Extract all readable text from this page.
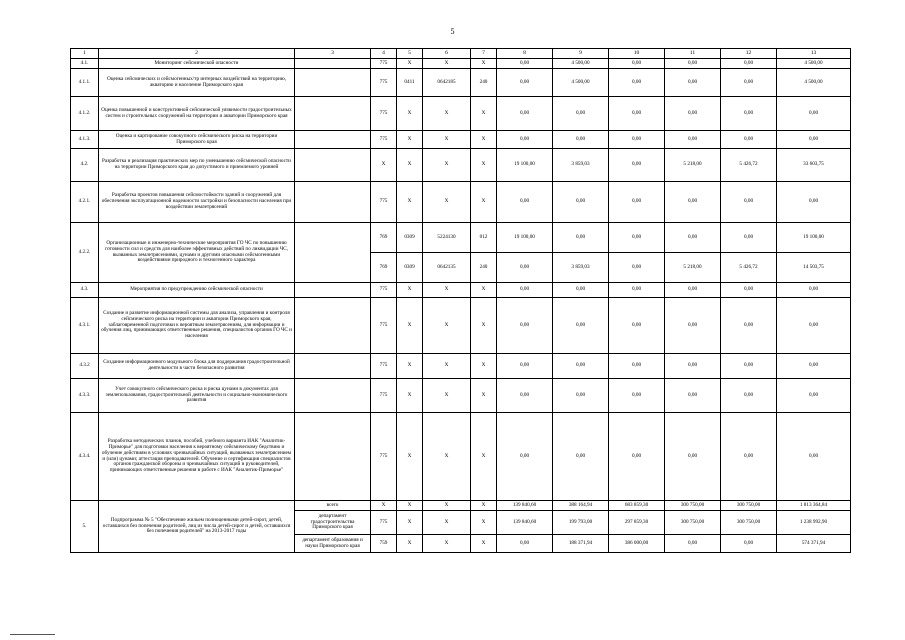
5
1	2	3	4	5	6	7	8	9	10	11	12	13
4.1.	Мониторинг сейсмической опасности		775	X	X	X	0,00	4 500,00	0,00	0,00	0,00	4 500,00
4.1.1.	Оценка сейсмических и сейсмогенных/тр интерных воздействий на территорию, акваторию и население Приморского края		775	0411	0642185	240	0,00	4 500,00	0,00	0,00	0,00	4 500,00
4.1.2.	Оценка повышенной и конструктивной сейсмической уязвимости градостроительных систем и строительных сооружений на территории и акватории Приморского края		775	X	X	X	0,00	0,00	0,00	0,00	0,00	0,00
4.1.3.	Оценка и картирование совокупного сейсмического риска на территории Приморского края		775	X	X	X	0,00	0,00	0,00	0,00	0,00	0,00
4.2.	Разработка и реализация практических мер по уменьшению сейсмической опасности на территории Приморского края до допустимого и приемлемого уровней		X	X	X	X	19 100,00	3 859,03	0,00	5 218,00	5 426,72	33 603,75
4.2.1.	Разработка проектов повышения сейсмостойкости зданий и сооружений для обеспечения эксплуатационной надежности застройки и безопасности населения при воздействии землетрясений		775	X	X	X	0,00	0,00	0,00	0,00	0,00	0,00
4.2.2.	Организационные и инженерно-технические мероприятия ГО ЧС по повышению готовности сил и средств для наиболее эффективных действий по ликвидации ЧС, вызванных землетрясениями, цунами и другими опасными сейсмогенными воздействиями природного и техногенного характера		769	0309	5224130	012	19 100,00	0,00	0,00	0,00	0,00	19 100,00
			769	0309	0642135	240	0,00	3 859,03	0,00	5 218,00	5 426,72	14 503,75
4.3.	Мероприятия по предупреждению сейсмической опасности		775	X	X	X	0,00	0,00	0,00	0,00	0,00	0,00
4.3.1.	Создание и развитие информационной системы для анализа, управления и контроля сейсмического риска на территории и акватории Приморского края, заблаговременной подготовки к вероятным землетрясениям, для информации и обучения лиц, принимающих ответственные решения, специалистов органов ГО ЧС и населения		775	X	X	X	0,00	0,00	0,00	0,00	0,00	0,00
4.3.2	Создание информационного модульного блока для поддержания градостроительной деятельности в части безопасного развития		775	X	X	X	0,00	0,00	0,00	0,00	0,00	0,00
4.3.3.	Учет совокупного сейсмического риска и риска цунами в документах для землепользования, градостроительной деятельности и социально-экономического развития		775	X	X	X	0,00	0,00	0,00	0,00	0,00	0,00
4.3.4.	Разработка методических планов, пособий, учебного варианта ИАК "Аналитик-Приморье" для подготовки населения к вероятному сейсмическому бедствию и обучение действиям в условиях чрезвычайных ситуаций, вызванных землетрясением и (или) цунами; аттестация преподавателей. Обучение и сертификация специалистов органов гражданской обороны и чрезвычайных ситуаций и руководителей, принимающих ответственные решения в работе с ИАК "Аналитик-Приморье"		775	X	X	X	0,00	0,00	0,00	0,00	0,00	0,00
5.	Подпрограмма № 5 "Обеспечение жильем полноценными детей-сирот, детей, оставшихся без попечения родителей, лиц из числа детей-сирот и детей, оставшихся без попечения родителей" на 2013-2017 годы	всего	X	X	X	X	139 840,60	388 164,94	683 859,30	300 750,00	300 750,00	1 813 364,84
		департамент градостроительства Приморского края	775	X	X	X	139 840,60	199 793,00	297 859,30	300 750,00	300 750,00	1 238 992,90
		департамент образования и науки Приморского края	759	X	X	X	0,00	188 371,94	386 000,00	0,00	0,00	574 371,94
